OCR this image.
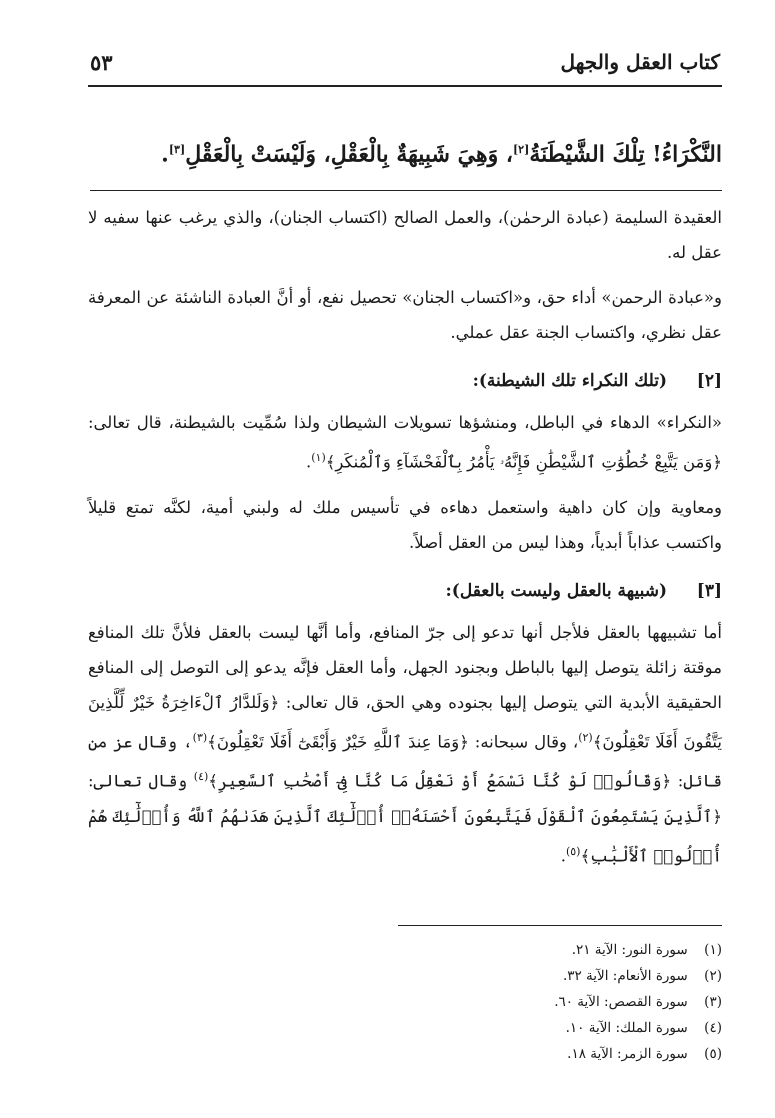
كتاب العقل والجهل
٥٣
النَّكْرَاءُ! تِلْكَ الشَّيْطَنَةُ[٢]، وَهِيَ شَبِيهَةٌ بِالْعَقْلِ، وَلَيْسَتْ بِالْعَقْلِ[٣].

العقيدة السليمة (عبادة الرحمٰن)، والعمل الصالح (اكتساب الجنان)، والذي يرغب عنها سفيه لا عقل له.

و«عبادة الرحمن» أداء حق، و«اكتساب الجنان» تحصيل نفع، أو أنَّ العبادة الناشئة عن المعرفة عقل نظري، واكتساب الجنة عقل عملي.

[٢]
(تلك النكراء تلك الشيطنة):

«النكراء» الدهاء في الباطل، ومنشؤها تسويلات الشيطان ولذا سُمِّيت بالشيطنة، قال تعالى: ﴿وَمَن يَتَّبِعْ خُطُوَٰتِ ٱلشَّيْطَٰنِ فَإِنَّهُۥ يَأْمُرُ بِٱلْفَحْشَآءِ وَٱلْمُنكَرِ﴾$^{(١)}$.

ومعاوية وإن كان داهية واستعمل دهاءه في تأسيس ملك له ولبني أمية، لكنَّه تمتع قليلاً واكتسب عذاباً أبدياً، وهذا ليس من العقل أصلاً.

[٣]
(شبيهة بالعقل وليست بالعقل):

أما تشبيهها بالعقل فلأجل أنها تدعو إلى جرّ المنافع، وأما أنَّها ليست بالعقل فلأنَّ تلك المنافع موقتة زائلة يتوصل إليها بالباطل وبجنود الجهل، وأما العقل فإنَّه يدعو إلى التوصل إلى المنافع الحقيقية الأبدية التي يتوصل إليها بجنوده وهي الحق، قال تعالى: ﴿وَلَلدَّارُ ٱلْءَاخِرَةُ خَيْرٌ لِّلَّذِينَ يَتَّقُونَ أَفَلَا تَعْقِلُونَ﴾$^{(٢)}$، وقال سبحانه: ﴿وَمَا عِندَ ٱللَّهِ خَيْرٌ وَأَبْقَىٰٓ أَفَلَا تَعْقِلُونَ﴾$^{(٣)}$، وقال عز من قائل: ﴿وَقَالُوا۟ لَوْ كُنَّا نَسْمَعُ أَوْ نَعْقِلُ مَا كُنَّا فِىٓ أَصْحَٰبِ ٱلسَّعِيرِ﴾$^{(٤)}$ وقال تعالى: ﴿ٱلَّذِينَ يَسْتَمِعُونَ ٱلْقَوْلَ فَيَتَّبِعُونَ أَحْسَنَهُۥٓ أُو۟لَٰٓئِكَ ٱلَّذِينَ هَدَىٰهُمُ ٱللَّهُ وَأُو۟لَٰٓئِكَ هُمْ أُو۟لُوا۟ ٱلْأَلْبَٰبِ﴾$^{(٥)}$.

(١) سورة النور: الآية ٢١.
(٢) سورة الأنعام: الآية ٣٢.
(٣) سورة القصص: الآية ٦٠.
(٤) سورة الملك: الآية ١٠.
(٥) سورة الزمر: الآية ١٨.
